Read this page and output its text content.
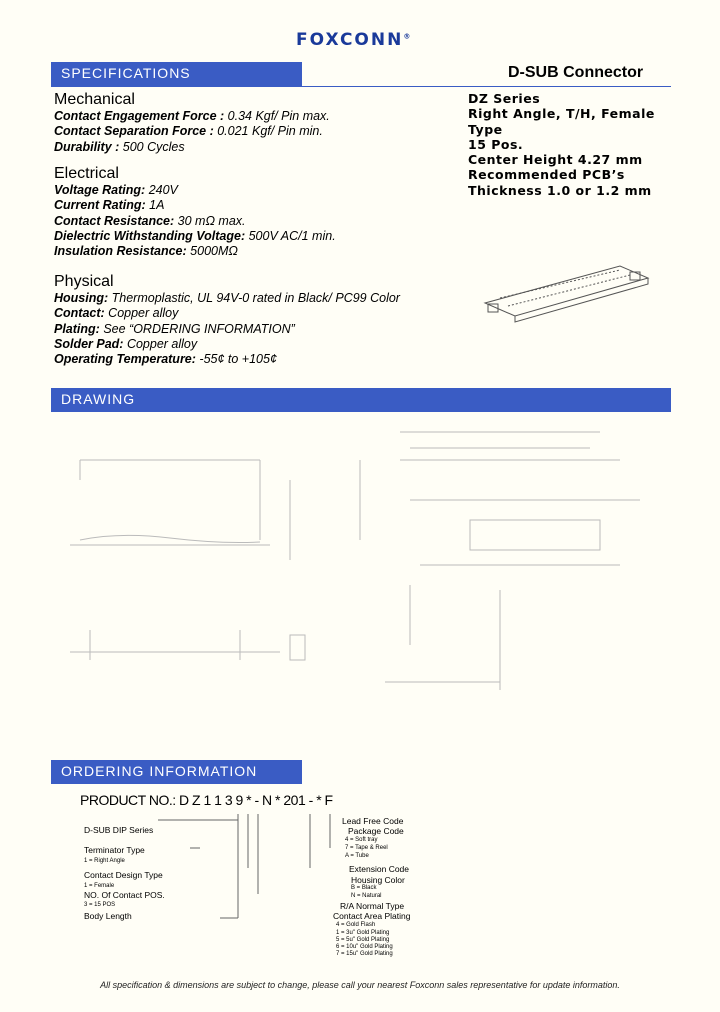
FOXCONN®
SPECIFICATIONS	D-SUB Connector
DZ Series
Right Angle, T/H, Female
Type
15 Pos.
Center Height 4.27 mm
Recommended PCB’s
Thickness 1.0 or 1.2 mm
Mechanical
Contact Engagement Force : 0.34 Kgf/ Pin max.
Contact Separation Force : 0.021 Kgf/ Pin min.
Durability : 500 Cycles
Electrical
Voltage Rating: 240V
Current Rating: 1A
Contact Resistance: 30 mΩ max.
Dielectric Withstanding Voltage: 500V AC/1 min.
Insulation Resistance: 5000MΩ
Physical
Housing: Thermoplastic, UL 94V-0 rated in Black/ PC99 Color
Contact: Copper alloy
Plating: See “ORDERING INFORMATION”
Solder Pad: Copper alloy
Operating Temperature: -55¢ to +105¢
DRAWING
ORDERING INFORMATION
PRODUCT NO.: D Z 1 1 3 9 * - N * 201 - * F
D-SUB DIP Series
Terminator Type
1 = Right Angle
Contact Design Type
1 = Female
NO. Of Contact POS.
3 = 15 POS
Body Length
Lead Free Code
Package Code
4 = Soft tray
7 = Tape & Reel
A = Tube
Extension Code
Housing Color
B = Black
N = Natural
R/A Normal Type
Contact Area Plating
4 = Gold Flash
1 = 3u" Gold Plating
5 = 5u" Gold Plating
6 = 10u" Gold Plating
7 = 15u" Gold Plating
All specification & dimensions are subject to change, please call your nearest Foxconn sales representative for update information.
